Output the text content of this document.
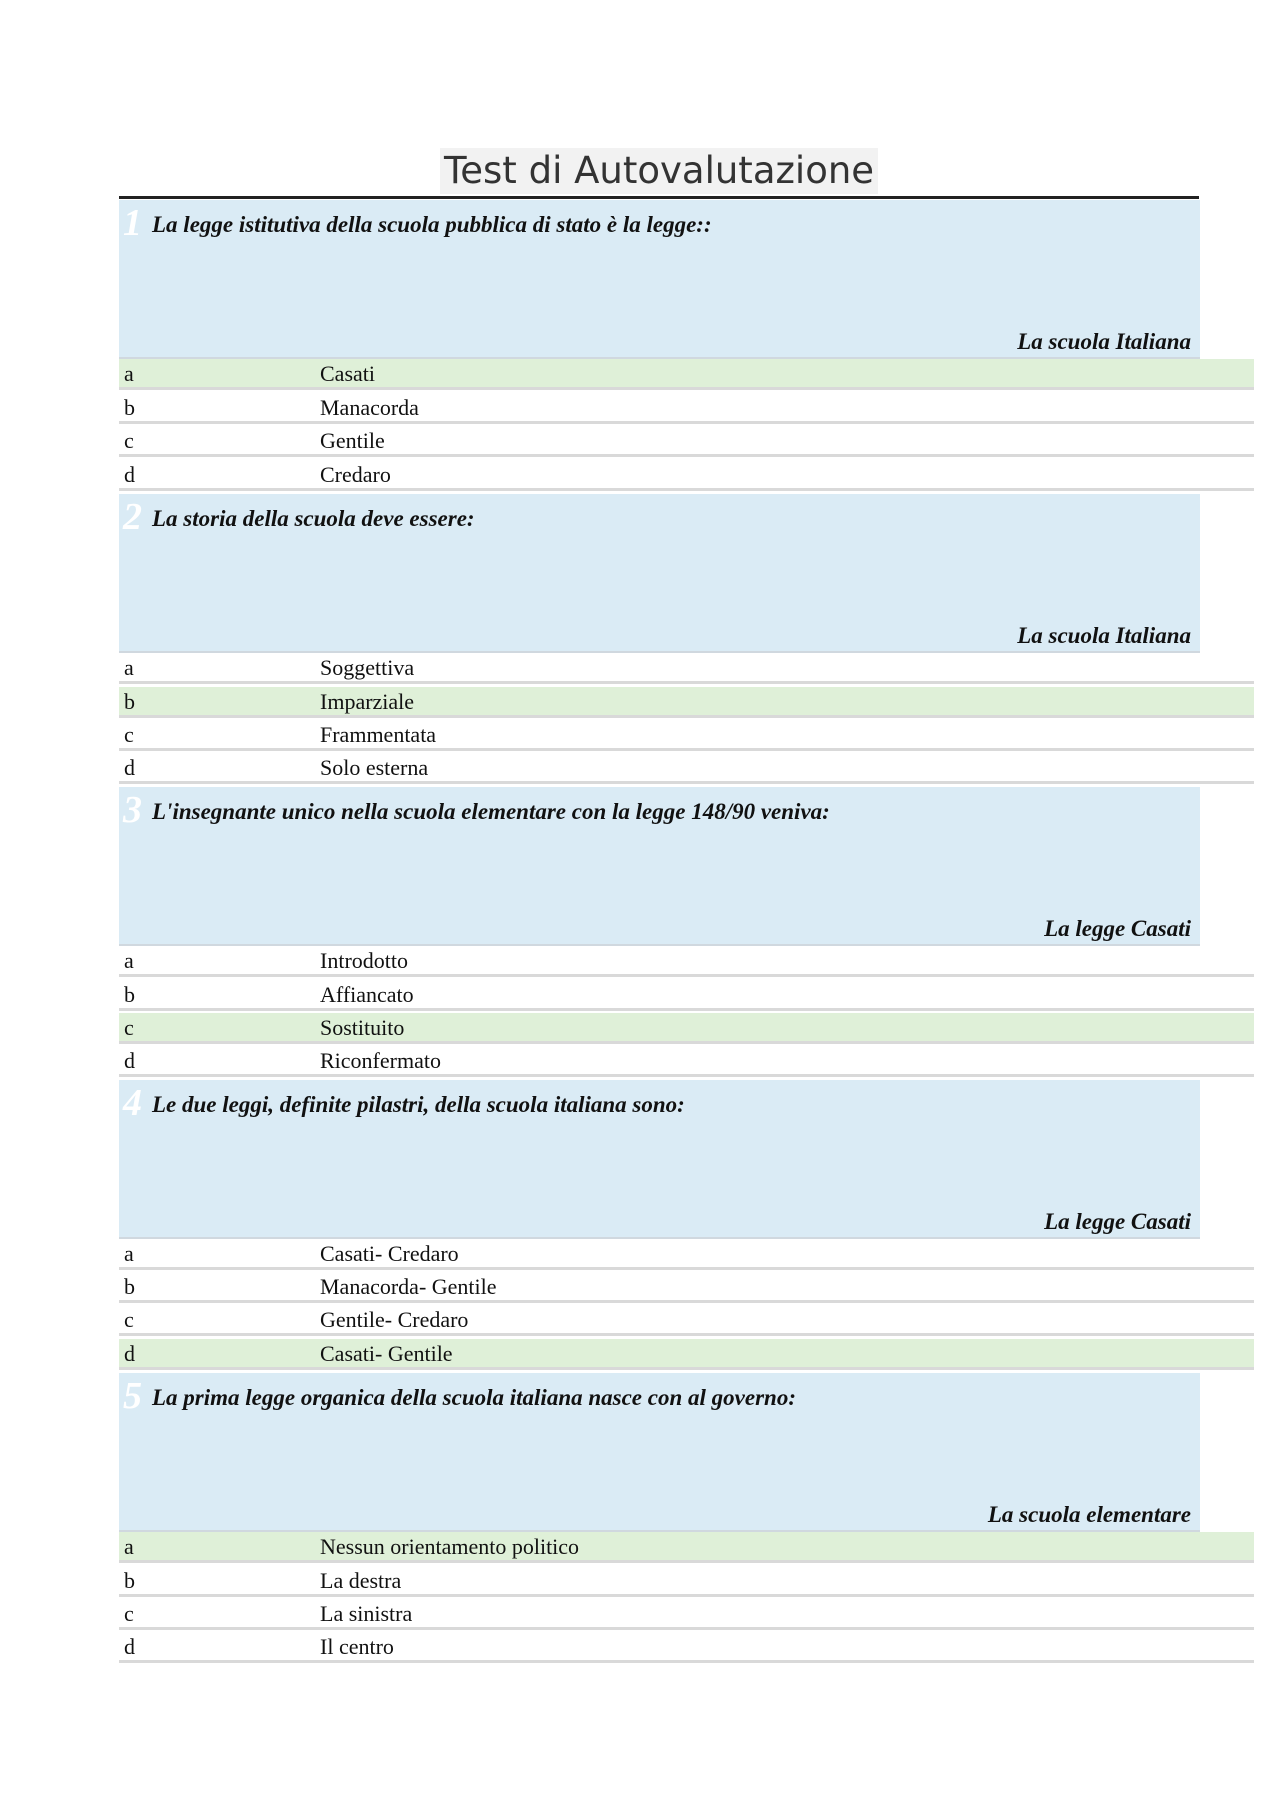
Test di Autovalutazione
1 La legge istitutiva della scuola pubblica di stato è la legge::
La scuola Italiana
a	Casati
b	Manacorda
c	Gentile
d	Credaro
2 La storia della scuola deve essere:
La scuola Italiana
a	Soggettiva
b	Imparziale
c	Frammentata
d	Solo esterna
3 L'insegnante unico nella scuola elementare con la legge 148/90 veniva:
La legge Casati
a	Introdotto
b	Affiancato
c	Sostituito
d	Riconfermato
4 Le due leggi, definite pilastri, della scuola italiana sono:
La legge Casati
a	Casati- Credaro
b	Manacorda- Gentile
c	Gentile- Credaro
d	Casati- Gentile
5 La prima legge organica della scuola italiana nasce con al governo:
La scuola elementare
a	Nessun orientamento politico
b	La destra
c	La sinistra
d	Il centro
